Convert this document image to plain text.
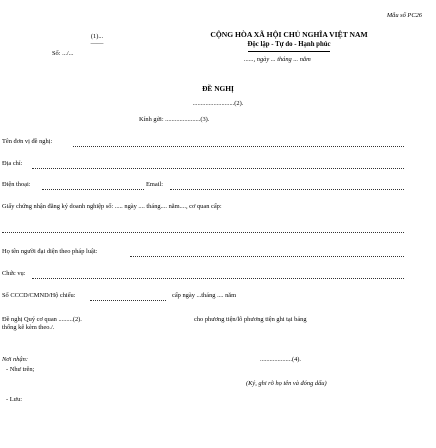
Mẫu số PC26
(1)...
——
Số: .../...
CỘNG HÒA XÃ HỘI CHỦ NGHĨA VIỆT NAM
Độc lập - Tự do - Hạnh phúc
......, ngày ... tháng ... năm
ĐỀ NGHỊ
..........................(2).
Kính gửi: ......................(3).
Tên đơn vị đề nghị:
Địa chỉ:
Điện thoại:	Email:
Giấy chứng nhận đăng ký doanh nghiệp số: ..... ngày .... tháng.... năm...., cơ quan cấp:
Họ tên người đại diện theo pháp luật:
Chức vụ:
Số CCCD/CMND/Hộ chiếu:	cấp ngày ...tháng .... năm
Đề nghị Quý cơ quan .........(2).	cho phương tiện/lô phương tiện ghi tại bảng
thống kê kèm theo./.
Nơi nhận:
- Như trên;
- Lưu:
....................(4).
(Ký, ghi rõ họ tên và đóng dấu)
